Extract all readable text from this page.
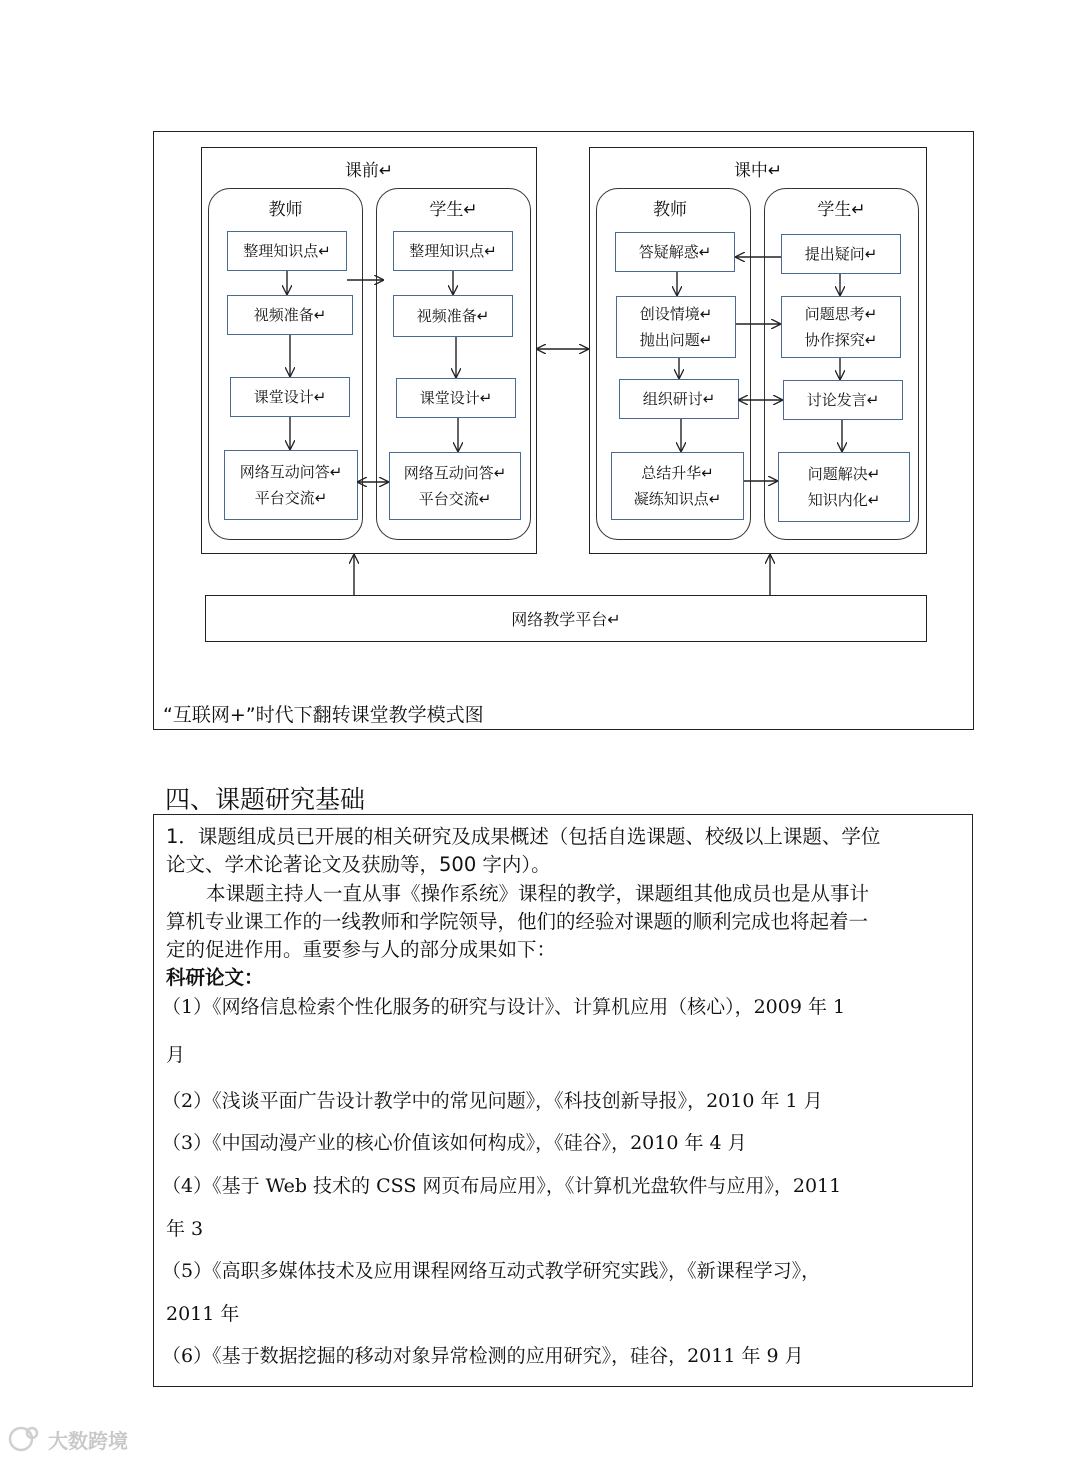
课前↵
教师	学生↵
整理知识点↵
视频准备↵
课堂设计↵
网络互动问答↵
平台交流↵
整理知识点↵
视频准备↵
课堂设计↵
网络互动问答↵
平台交流↵
课中↵
教师	学生↵
答疑解惑↵
创设情境↵
抛出问题↵
组织研讨↵
总结升华↵
凝练知识点↵
提出疑问↵
问题思考↵
协作探究↵
讨论发言↵
问题解决↵
知识内化↵
网络教学平台↵
“互联网+”时代下翻转课堂教学模式图
四、课题研究基础
1．课题组成员已开展的相关研究及成果概述（包括自选课题、校级以上课题、学位
论文、学术论著论文及获励等，500 字内）。
本课题主持人一直从事《操作系统》课程的教学，课题组其他成员也是从事计
算机专业课工作的一线教师和学院领导，他们的经验对课题的顺利完成也将起着一
定的促进作用。重要参与人的部分成果如下：
科研论文：
（1）《网络信息检索个性化服务的研究与设计》、计算机应用（核心），2009 年 1
月
（2）《浅谈平面广告设计教学中的常见问题》，《科技创新导报》，2010 年 1 月
（3）《中国动漫产业的核心价值该如何构成》，《硅谷》，2010 年 4 月
（4）《基于 Web 技术的 CSS 网页布局应用》，《计算机光盘软件与应用》，2011
年 3
（5）《高职多媒体技术及应用课程网络互动式教学研究实践》，《新课程学习》，
2011 年
（6）《基于数据挖掘的移动对象异常检测的应用研究》，硅谷，2011 年 9 月
大数跨境
